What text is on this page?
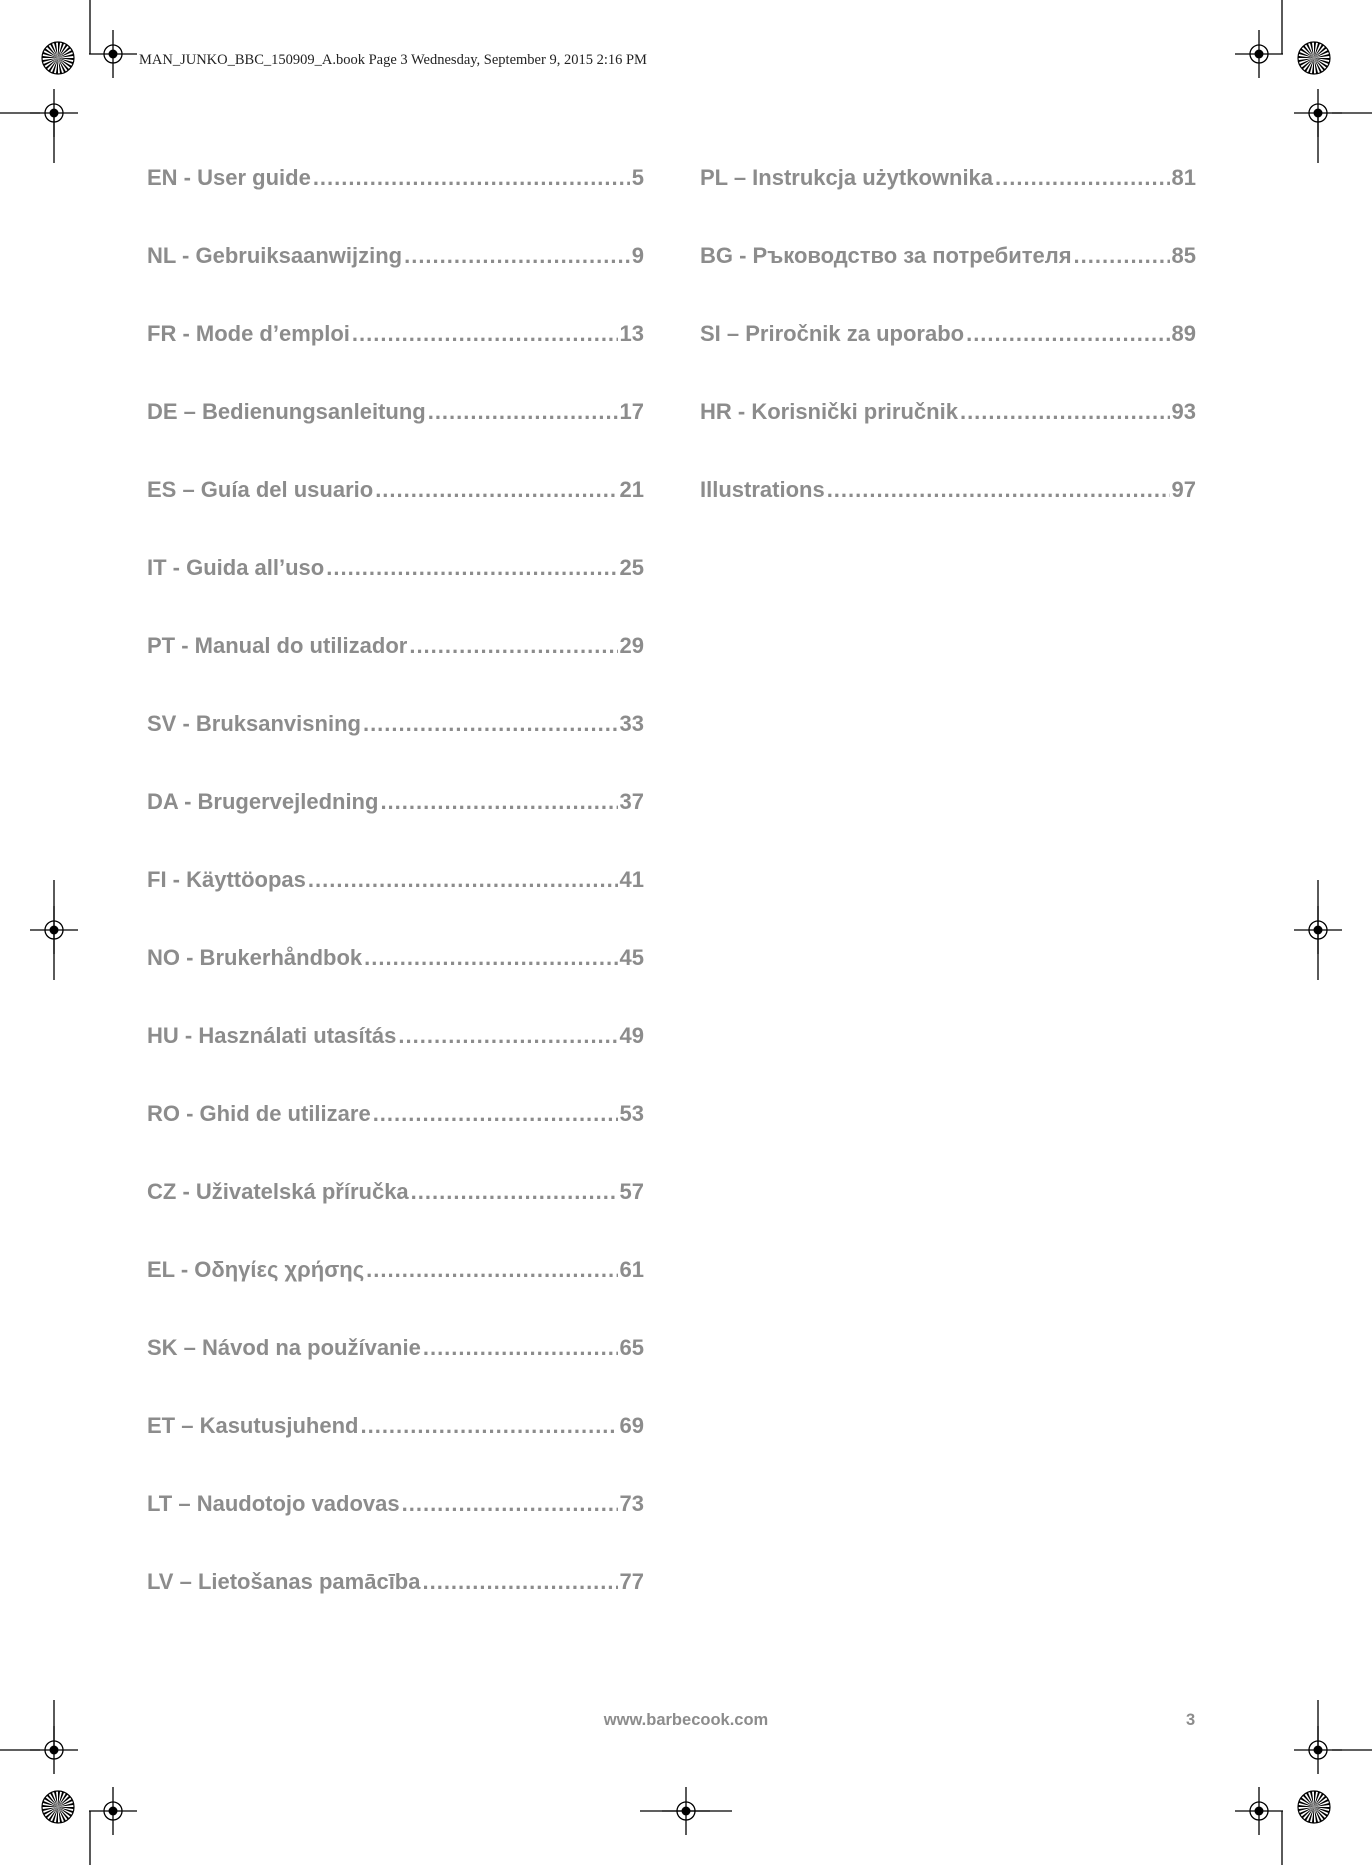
MAN_JUNKO_BBC_150909_A.book Page 3 Wednesday, September 9, 2015 2:16 PM
EN - User guide .....	5
NL - Gebruiksaanwijzing .....	9
FR - Mode d’emploi .....	13
DE – Bedienungsanleitung .....	17
ES – Guía del usuario .....	21
IT - Guida all’uso .....	25
PT - Manual do utilizador .....	29
SV - Bruksanvisning .....	33
DA - Brugervejledning .....	37
FI - Käyttöopas .....	41
NO - Brukerhåndbok .....	45
HU - Használati utasítás .....	49
RO - Ghid de utilizare .....	53
CZ - Uživatelská příručka .....	57
EL - Οδηγίες χρήσης .....	61
SK – Návod na používanie .....	65
ET – Kasutusjuhend .....	69
LT – Naudotojo vadovas .....	73
LV – Lietošanas pamācība .....	77
PL – Instrukcja użytkownika .....	81
BG - Ръководство за потребителя .....	85
SI – Priročnik za uporabo .....	89
HR - Korisnički priručnik .....	93
Illustrations .....	97
www.barbecook.com	3
